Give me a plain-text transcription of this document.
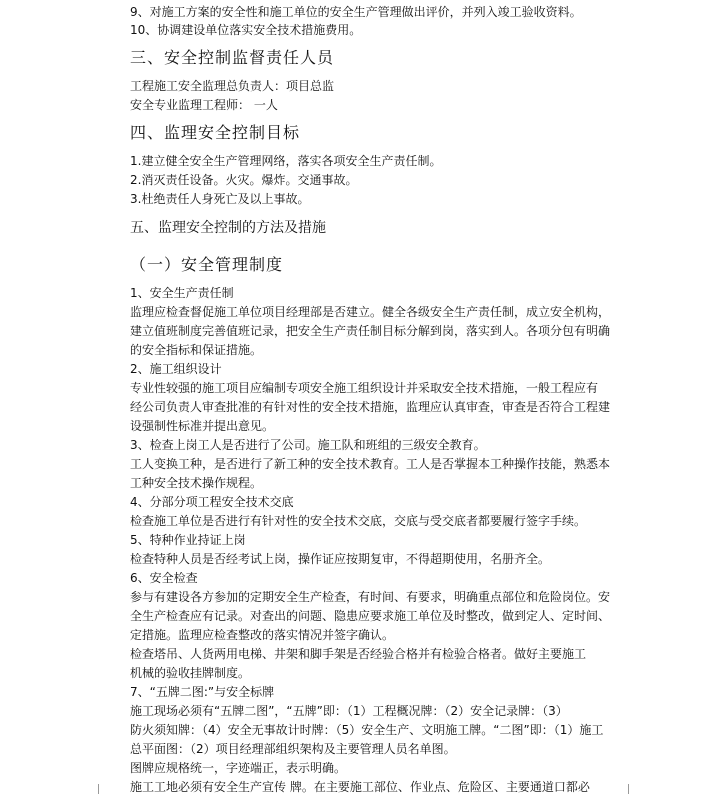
9、对施工方案的安全性和施工单位的安全生产管理做出评价，并列入竣工验收资料。
10、协调建设单位落实安全技术措施费用。
三、安全控制监督责任人员
工程施工安全监理总负责人：项目总监
安全专业监理工程师： 一人
四、监理安全控制目标
1.建立健全安全生产管理网络，落实各项安全生产责任制。
2.消灭责任设备。火灾。爆炸。交通事故。
3.杜绝责任人身死亡及以上事故。
五、监理安全控制的方法及措施
（一）安全管理制度
1、安全生产责任制
监理应检查督促施工单位项目经理部是否建立。健全各级安全生产责任制，成立安全机构，
建立值班制度完善值班记录，把安全生产责任制目标分解到岗，落实到人。各项分包有明确
的安全指标和保证措施。
2、施工组织设计
专业性较强的施工项目应编制专项安全施工组织设计并采取安全技术措施，一般工程应有
经公司负责人审查批准的有针对性的安全技术措施，监理应认真审查，审查是否符合工程建
设强制性标准并提出意见。
3、检查上岗工人是否进行了公司。施工队和班组的三级安全教育。
工人变换工种，是否进行了新工种的安全技术教育。工人是否掌握本工种操作技能，熟悉本
工种安全技术操作规程。
4、分部分项工程安全技术交底
检查施工单位是否进行有针对性的安全技术交底，交底与受交底者都要履行签字手续。
5、特种作业持证上岗
检查特种人员是否经考试上岗，操作证应按期复审，不得超期使用，名册齐全。
6、安全检查
参与有建设各方参加的定期安全生产检查，有时间、有要求，明确重点部位和危险岗位。安
全生产检查应有记录。对查出的问题、隐患应要求施工单位及时整改，做到定人、定时间、
定措施。监理应检查整改的落实情况并签字确认。
检查塔吊、人货两用电梯、井架和脚手架是否经验合格并有检验合格者。做好主要施工
机械的验收挂牌制度。
7、“五牌二图:”与安全标牌
施工现场必须有“五牌二图”，“五牌”即：（1）工程概况牌：（2）安全记录牌：（3）
防火须知牌：（4）安全无事故计时牌：（5）安全生产、文明施工牌。“二图”即：（1）施工
总平面图：（2）项目经理部组织架构及主要管理人员名单图。
图牌应规格统一，字迹端正，表示明确。
施工工地必须有安全生产宣传 牌。在主要施工部位、作业点、危险区、主要通道口都必
